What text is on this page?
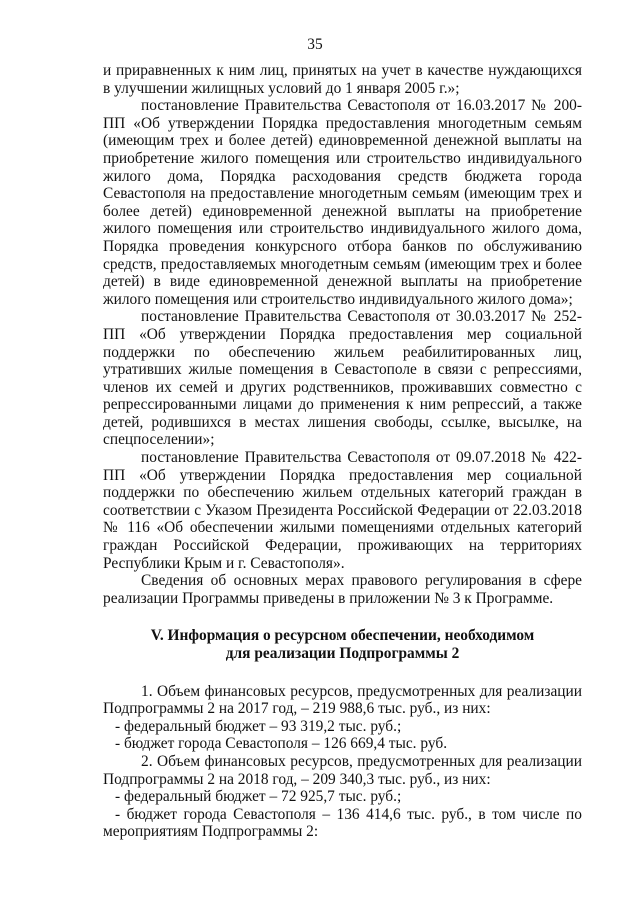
35

и приравненных к ним лиц, принятых на учет в качестве нуждающихся в улучшении жилищных условий до 1 января 2005 г.»;

постановление Правительства Севастополя от 16.03.2017 № 200-ПП «Об утверждении Порядка предоставления многодетным семьям (имеющим трех и более детей) единовременной денежной выплаты на приобретение жилого помещения или строительство индивидуального жилого дома, Порядка расходования средств бюджета города Севастополя на предоставление многодетным семьям (имеющим трех и более детей) единовременной денежной выплаты на приобретение жилого помещения или строительство индивидуального жилого дома, Порядка проведения конкурсного отбора банков по обслуживанию средств, предоставляемых многодетным семьям (имеющим трех и более детей) в виде единовременной денежной выплаты на приобретение жилого помещения или строительство индивидуального жилого дома»;

постановление Правительства Севастополя от 30.03.2017 № 252-ПП «Об утверждении Порядка предоставления мер социальной поддержки по обеспечению жильем реабилитированных лиц, утративших жилые помещения в Севастополе в связи с репрессиями, членов их семей и других родственников, проживавших совместно с репрессированными лицами до применения к ним репрессий, а также детей, родившихся в местах лишения свободы, ссылке, высылке, на спецпоселении»;

постановление Правительства Севастополя от 09.07.2018 № 422-ПП «Об утверждении Порядка предоставления мер социальной поддержки по обеспечению жильем отдельных категорий граждан в соответствии с Указом Президента Российской Федерации от 22.03.2018 № 116 «Об обеспечении жилыми помещениями отдельных категорий граждан Российской Федерации, проживающих на территориях Республики Крым и г. Севастополя».

Сведения об основных мерах правового регулирования в сфере реализации Программы приведены в приложении № 3 к Программе.

V. Информация о ресурсном обеспечении, необходимом
для реализации Подпрограммы 2

1. Объем финансовых ресурсов, предусмотренных для реализации Подпрограммы 2 на 2017 год, – 219 988,6 тыс. руб., из них:

- федеральный бюджет – 93 319,2 тыс. руб.;

- бюджет города Севастополя – 126 669,4 тыс. руб.

2. Объем финансовых ресурсов, предусмотренных для реализации Подпрограммы 2 на 2018 год, – 209 340,3 тыс. руб., из них:

- федеральный бюджет – 72 925,7 тыс. руб.;

- бюджет города Севастополя – 136 414,6 тыс. руб., в том числе по мероприятиям Подпрограммы 2:
